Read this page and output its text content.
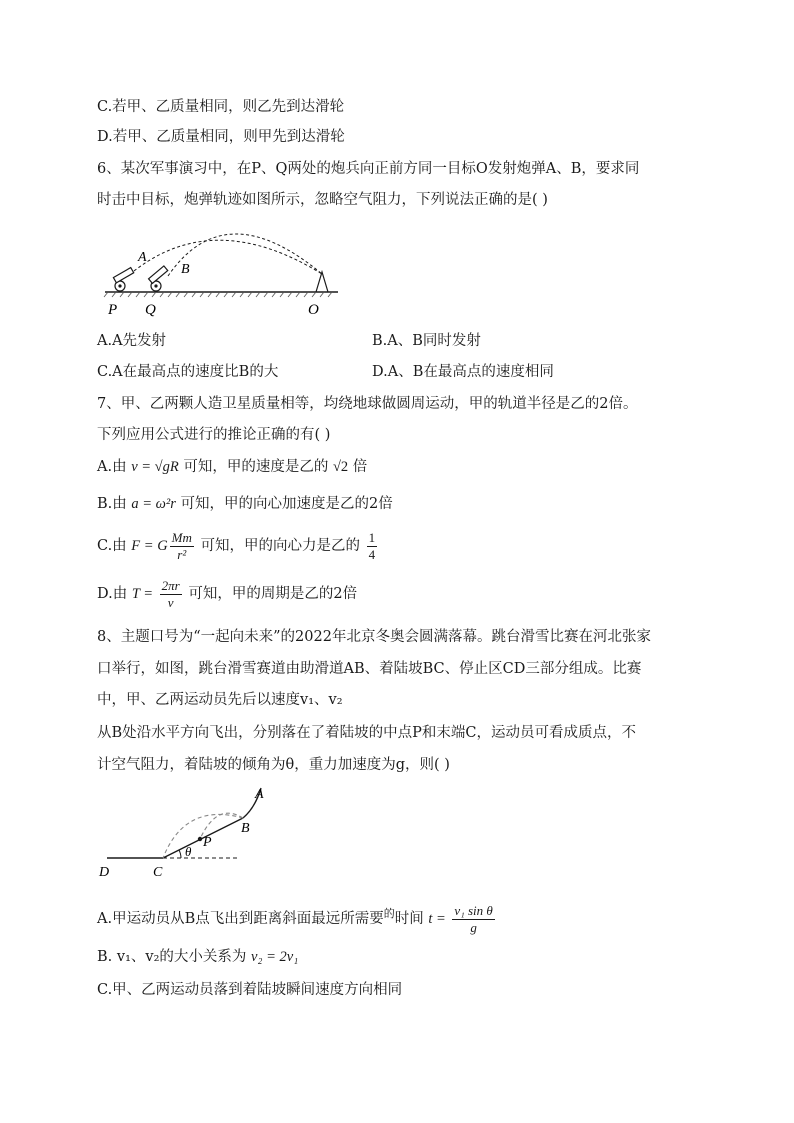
C.若甲、乙质量相同，则乙先到达滑轮
D.若甲、乙质量相同，则甲先到达滑轮
6、某次军事演习中，在P、Q两处的炮兵向正前方同一目标O发射炮弹A、B，要求同
时击中目标，炮弹轨迹如图所示，忽略空气阻力，下列说法正确的是( )
A
B
P Q	O
A.A先发射	B.A、B同时发射
C.A在最高点的速度比B的大	D.A、B在最高点的速度相同
7、甲、乙两颗人造卫星质量相等，均绕地球做圆周运动，甲的轨道半径是乙的2倍。
下列应用公式进行的推论正确的有( )
A.由 v = √gR 可知，甲的速度是乙的 √2 倍
B.由 a = ω²r 可知，甲的向心加速度是乙的2倍
C.由 F = G $\frac{Mm}{\text{r²}}$ 可知，甲的向心力是乙的 $\frac{1}{4}$
D.由 $T = \frac{2\pi r}{v}$ 可知，甲的周期是乙的2倍
8、主题口号为“一起向未来”的2022年北京冬奥会圆满落幕。跳台滑雪比赛在河北张家
口举行，如图，跳台滑雪赛道由助滑道AB、着陆坡BC、停止区CD三部分组成。比赛
中，甲、乙两运动员先后以速度v₁、v₂
从B处沿水平方向飞出，分别落在了着陆坡的中点P和末端C，运动员可看成质点，不
计空气阻力，着陆坡的倾角为θ，重力加速度为g，则( )
A
B
P
θ
C
D
A.甲运动员从B点飞出到距离斜面最远所需要$^的$时间 $t = \frac{\text{v₁ sin θ}}{g}$
B. v₁、v₂的大小关系为 v₂ = 2v₁
C.甲、乙两运动员落到着陆坡瞬间速度方向相同
